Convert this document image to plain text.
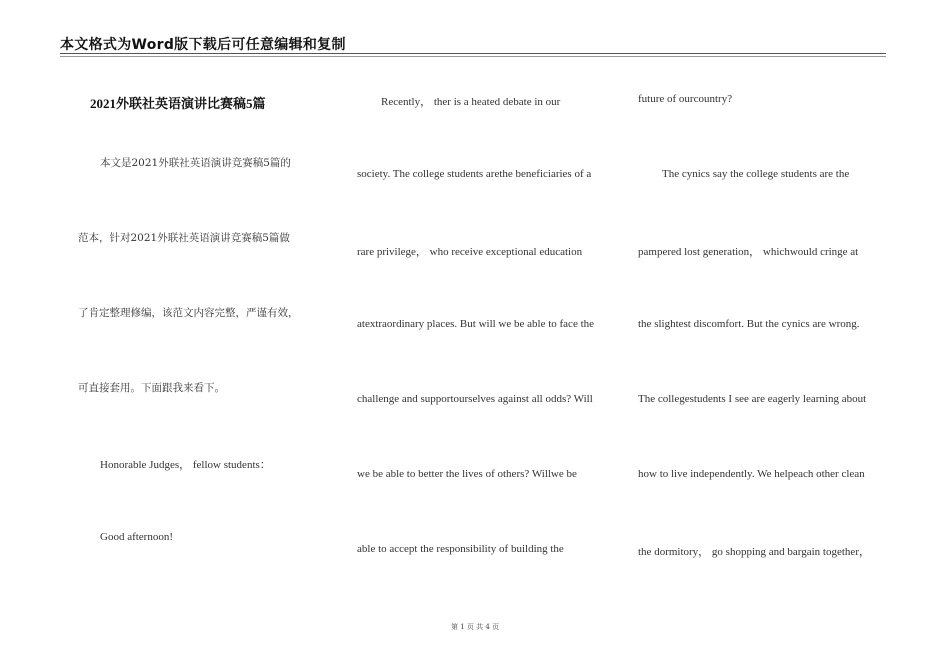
本文格式为Word版下载后可任意编辑和复制
2021外联社英语演讲比赛稿5篇
本文是2021外联社英语演讲竞赛稿5篇的
范本，针对2021外联社英语演讲竞赛稿5篇做
了肯定整理修编，该范文内容完整，严谨有效，
可直接套用。下面跟我来看下。
Honorable Judges， fellow students：
Good afternoon!
Recently， ther is a heated debate in our
society. The college students arethe beneficiaries of a
rare privilege， who receive exceptional education
atextraordinary places. But will we be able to face the
challenge and supportourselves against all odds? Will
we be able to better the lives of others? Willwe be
able to accept the responsibility of building the
future of ourcountry?
The cynics say the college students are the
pampered lost generation， whichwould cringe at
the slightest discomfort. But the cynics are wrong.
The collegestudents I see are eagerly learning about
how to live independently. We helpeach other clean
the dormitory， go shopping and bargain together，
第 1 页 共 4 页
